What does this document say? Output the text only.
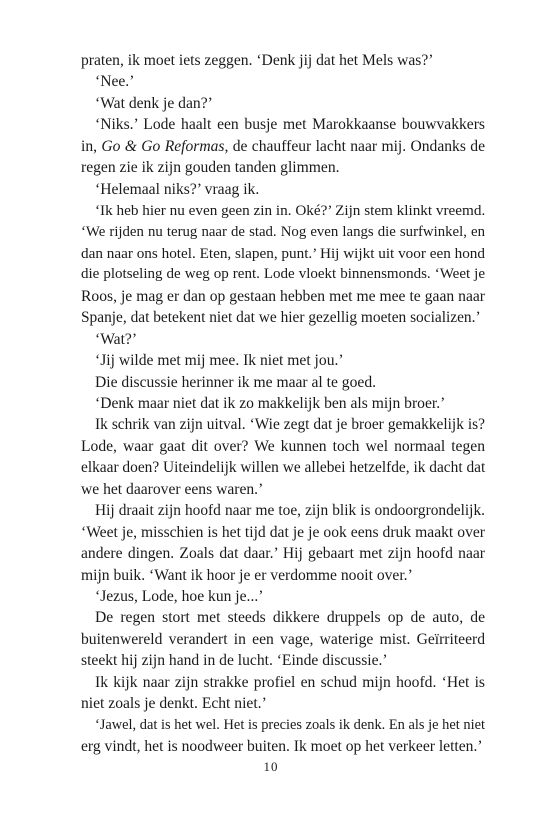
praten, ik moet iets zeggen. ‘Denk jij dat het Mels was?’
‘Nee.’
‘Wat denk je dan?’
‘Niks.’ Lode haalt een busje met Marokkaanse bouwvakkers
in, Go & Go Reformas, de chauffeur lacht naar mij. Ondanks de
regen zie ik zijn gouden tanden glimmen.
‘Helemaal niks?’ vraag ik.
‘Ik heb hier nu even geen zin in. Oké?’ Zijn stem klinkt vreemd.
‘We rijden nu terug naar de stad. Nog even langs die surfwinkel, en
dan naar ons hotel. Eten, slapen, punt.’ Hij wijkt uit voor een hond
die plotseling de weg op rent. Lode vloekt binnensmonds. ‘Weet je
Roos, je mag er dan op gestaan hebben met me mee te gaan naar
Spanje, dat betekent niet dat we hier gezellig moeten socializen.’
‘Wat?’
‘Jij wilde met mij mee. Ik niet met jou.’
Die discussie herinner ik me maar al te goed.
‘Denk maar niet dat ik zo makkelijk ben als mijn broer.’
Ik schrik van zijn uitval. ‘Wie zegt dat je broer gemakkelijk is?
Lode, waar gaat dit over? We kunnen toch wel normaal tegen
elkaar doen? Uiteindelijk willen we allebei hetzelfde, ik dacht dat
we het daarover eens waren.’
Hij draait zijn hoofd naar me toe, zijn blik is ondoorgrondelijk.
‘Weet je, misschien is het tijd dat je je ook eens druk maakt over
andere dingen. Zoals dat daar.’ Hij gebaart met zijn hoofd naar
mijn buik. ‘Want ik hoor je er verdomme nooit over.’
‘Jezus, Lode, hoe kun je...’
De regen stort met steeds dikkere druppels op de auto, de
buitenwereld verandert in een vage, waterige mist. Geïrriteerd
steekt hij zijn hand in de lucht. ‘Einde discussie.’
Ik kijk naar zijn strakke profiel en schud mijn hoofd. ‘Het is
niet zoals je denkt. Echt niet.’
‘Jawel, dat is het wel. Het is precies zoals ik denk. En als je het niet
erg vindt, het is noodweer buiten. Ik moet op het verkeer letten.’
10
